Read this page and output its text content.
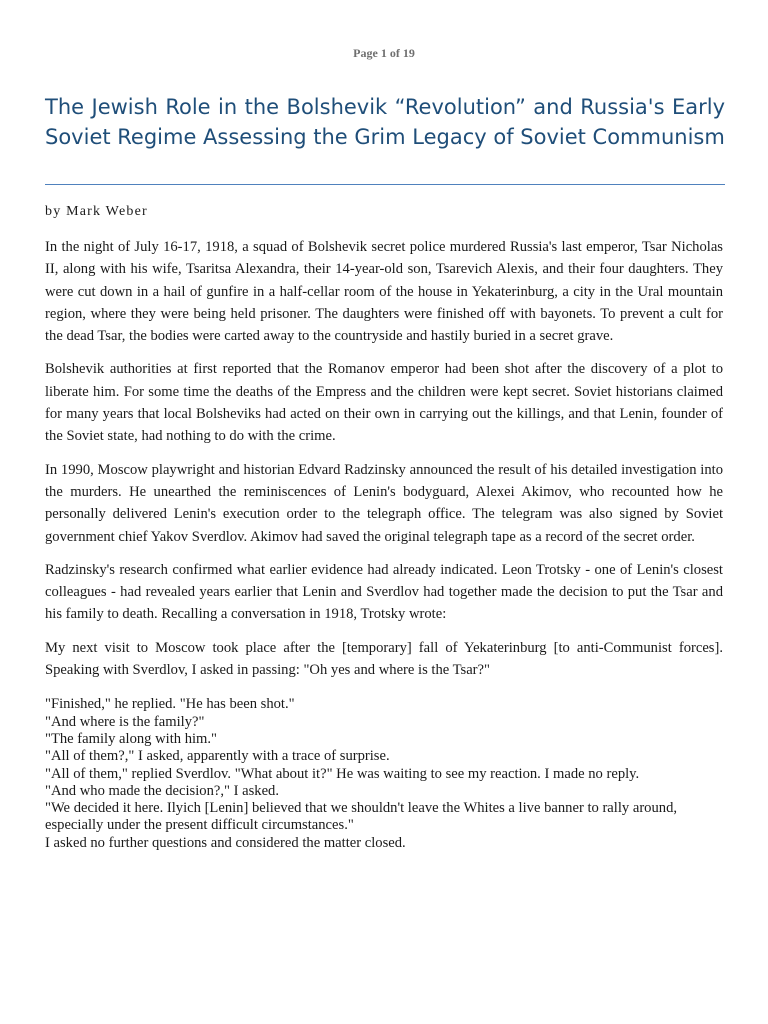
Page 1 of 19
The Jewish Role in the Bolshevik “Revolution” and Russia's Early Soviet Regime Assessing the Grim Legacy of Soviet Communism

by Mark Weber

In the night of July 16-17, 1918, a squad of Bolshevik secret police murdered Russia's last emperor, Tsar Nicholas II, along with his wife, Tsaritsa Alexandra, their 14-year-old son, Tsarevich Alexis, and their four daughters. They were cut down in a hail of gunfire in a half-cellar room of the house in Yekaterinburg, a city in the Ural mountain region, where they were being held prisoner. The daughters were finished off with bayonets. To prevent a cult for the dead Tsar, the bodies were carted away to the countryside and hastily buried in a secret grave.

Bolshevik authorities at first reported that the Romanov emperor had been shot after the discovery of a plot to liberate him. For some time the deaths of the Empress and the children were kept secret. Soviet historians claimed for many years that local Bolsheviks had acted on their own in carrying out the killings, and that Lenin, founder of the Soviet state, had nothing to do with the crime.

In 1990, Moscow playwright and historian Edvard Radzinsky announced the result of his detailed investigation into the murders. He unearthed the reminiscences of Lenin's bodyguard, Alexei Akimov, who recounted how he personally delivered Lenin's execution order to the telegraph office. The telegram was also signed by Soviet government chief Yakov Sverdlov. Akimov had saved the original telegraph tape as a record of the secret order.

Radzinsky's research confirmed what earlier evidence had already indicated. Leon Trotsky - one of Lenin's closest colleagues - had revealed years earlier that Lenin and Sverdlov had together made the decision to put the Tsar and his family to death. Recalling a conversation in 1918, Trotsky wrote:

My next visit to Moscow took place after the [temporary] fall of Yekaterinburg [to anti-Communist forces]. Speaking with Sverdlov, I asked in passing: "Oh yes and where is the Tsar?"

"Finished," he replied. "He has been shot."

"And where is the family?"

"The family along with him."

"All of them?," I asked, apparently with a trace of surprise.

"All of them," replied Sverdlov. "What about it?" He was waiting to see my reaction. I made no reply.

"And who made the decision?," I asked.

"We decided it here. Ilyich [Lenin] believed that we shouldn't leave the Whites a live banner to rally around, especially under the present difficult circumstances."

I asked no further questions and considered the matter closed.
